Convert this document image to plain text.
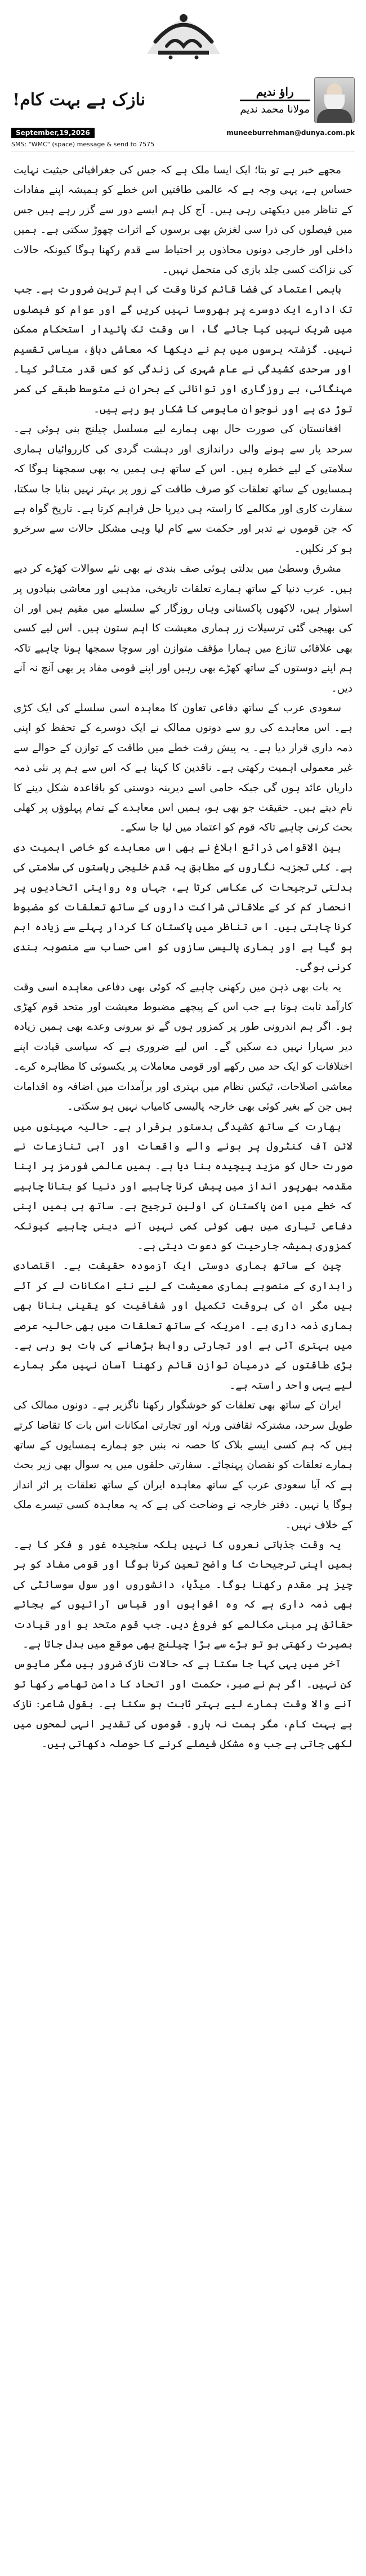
نازک ہے بہت کام!	راؤ ندیم
مولانا محمد ندیم
September,19,2026	muneeburrehman@dunya.com.pk
SMS: "WMC" (space) message & send to 7575

مجھے خبر ہے تو بتا؛ ایک ایسا ملک ہے کہ جس کی جغرافیائی حیثیت نہایت حساس ہے، یہی وجہ ہے کہ عالمی طاقتیں اس خطے کو ہمیشہ اپنے مفادات کے تناظر میں دیکھتی رہی ہیں۔ آج کل ہم ایسے دور سے گزر رہے ہیں جس میں فیصلوں کی ذرا سی لغزش بھی برسوں کے اثرات چھوڑ سکتی ہے۔ ہمیں داخلی اور خارجی دونوں محاذوں پر احتیاط سے قدم رکھنا ہوگا کیونکہ حالات کی نزاکت کسی جلد بازی کی متحمل نہیں۔

باہمی اعتماد کی فضا قائم کرنا وقت کی اہم ترین ضرورت ہے۔ جب تک ادارے ایک دوسرے پر بھروسا نہیں کریں گے اور عوام کو فیصلوں میں شریک نہیں کیا جائے گا، اس وقت تک پائیدار استحکام ممکن نہیں۔ گزشتہ برسوں میں ہم نے دیکھا کہ معاشی دباؤ، سیاسی تقسیم اور سرحدی کشیدگی نے عام شہری کی زندگی کو کس قدر متاثر کیا۔ مہنگائی، بے روزگاری اور توانائی کے بحران نے متوسط طبقے کی کمر توڑ دی ہے اور نوجوان مایوسی کا شکار ہو رہے ہیں۔

افغانستان کی صورت حال بھی ہمارے لیے مسلسل چیلنج بنی ہوئی ہے۔ سرحد پار سے ہونے والی دراندازی اور دہشت گردی کی کارروائیاں ہماری سلامتی کے لیے خطرہ ہیں۔ اس کے ساتھ ہی ہمیں یہ بھی سمجھنا ہوگا کہ ہمسایوں کے ساتھ تعلقات کو صرف طاقت کے زور پر بہتر نہیں بنایا جا سکتا، سفارت کاری اور مکالمے کا راستہ ہی دیرپا حل فراہم کرتا ہے۔ تاریخ گواہ ہے کہ جن قوموں نے تدبر اور حکمت سے کام لیا وہی مشکل حالات سے سرخرو ہو کر نکلیں۔

مشرق وسطیٰ میں بدلتی ہوئی صف بندی نے بھی نئے سوالات کھڑے کر دیے ہیں۔ عرب دنیا کے ساتھ ہمارے تعلقات تاریخی، مذہبی اور معاشی بنیادوں پر استوار ہیں، لاکھوں پاکستانی وہاں روزگار کے سلسلے میں مقیم ہیں اور ان کی بھیجی گئی ترسیلات زر ہماری معیشت کا اہم ستون ہیں۔ اس لیے کسی بھی علاقائی تنازع میں ہمارا مؤقف متوازن اور سوچا سمجھا ہونا چاہیے تاکہ ہم اپنے دوستوں کے ساتھ کھڑے بھی رہیں اور اپنے قومی مفاد پر بھی آنچ نہ آنے دیں۔

سعودی عرب کے ساتھ دفاعی تعاون کا معاہدہ اسی سلسلے کی ایک کڑی ہے۔ اس معاہدے کی رو سے دونوں ممالک نے ایک دوسرے کے تحفظ کو اپنی ذمہ داری قرار دیا ہے۔ یہ پیش رفت خطے میں طاقت کے توازن کے حوالے سے غیر معمولی اہمیت رکھتی ہے۔ ناقدین کا کہنا ہے کہ اس سے ہم پر نئی ذمہ داریاں عائد ہوں گی جبکہ حامی اسے دیرینہ دوستی کو باقاعدہ شکل دینے کا نام دیتے ہیں۔ حقیقت جو بھی ہو، ہمیں اس معاہدے کے تمام پہلوؤں پر کھلی بحث کرنی چاہیے تاکہ قوم کو اعتماد میں لیا جا سکے۔

بین الاقوامی ذرائع ابلاغ نے بھی اس معاہدے کو خاصی اہمیت دی ہے۔ کئی تجزیہ نگاروں کے مطابق یہ قدم خلیجی ریاستوں کی سلامتی کی بدلتی ترجیحات کی عکاسی کرتا ہے، جہاں وہ روایتی اتحادیوں پر انحصار کم کر کے علاقائی شراکت داروں کے ساتھ تعلقات کو مضبوط کرنا چاہتی ہیں۔ اس تناظر میں پاکستان کا کردار پہلے سے زیادہ اہم ہو گیا ہے اور ہماری پالیسی سازوں کو اسی حساب سے منصوبہ بندی کرنی ہوگی۔

یہ بات بھی ذہن میں رکھنی چاہیے کہ کوئی بھی دفاعی معاہدہ اسی وقت کارآمد ثابت ہوتا ہے جب اس کے پیچھے مضبوط معیشت اور متحد قوم کھڑی ہو۔ اگر ہم اندرونی طور پر کمزور ہوں گے تو بیرونی وعدے بھی ہمیں زیادہ دیر سہارا نہیں دے سکیں گے۔ اس لیے ضروری ہے کہ سیاسی قیادت اپنے اختلافات کو ایک حد میں رکھے اور قومی معاملات پر یکسوئی کا مظاہرہ کرے۔ معاشی اصلاحات، ٹیکس نظام میں بہتری اور برآمدات میں اضافہ وہ اقدامات ہیں جن کے بغیر کوئی بھی خارجہ پالیسی کامیاب نہیں ہو سکتی۔

بھارت کے ساتھ کشیدگی بدستور برقرار ہے۔ حالیہ مہینوں میں لائن آف کنٹرول پر ہونے والے واقعات اور آبی تنازعات نے صورت حال کو مزید پیچیدہ بنا دیا ہے۔ ہمیں عالمی فورمز پر اپنا مقدمہ بھرپور انداز میں پیش کرنا چاہیے اور دنیا کو بتانا چاہیے کہ خطے میں امن پاکستان کی اولین ترجیح ہے۔ ساتھ ہی ہمیں اپنی دفاعی تیاری میں بھی کوئی کمی نہیں آنے دینی چاہیے کیونکہ کمزوری ہمیشہ جارحیت کو دعوت دیتی ہے۔

چین کے ساتھ ہماری دوستی ایک آزمودہ حقیقت ہے۔ اقتصادی راہداری کے منصوبے ہماری معیشت کے لیے نئے امکانات لے کر آئے ہیں مگر ان کی بروقت تکمیل اور شفافیت کو یقینی بنانا بھی ہماری ذمہ داری ہے۔ امریکہ کے ساتھ تعلقات میں بھی حالیہ عرصے میں بہتری آئی ہے اور تجارتی روابط بڑھانے کی بات ہو رہی ہے۔ بڑی طاقتوں کے درمیان توازن قائم رکھنا آسان نہیں مگر ہمارے لیے یہی واحد راستہ ہے۔

ایران کے ساتھ بھی تعلقات کو خوشگوار رکھنا ناگزیر ہے۔ دونوں ممالک کی طویل سرحد، مشترکہ ثقافتی ورثہ اور تجارتی امکانات اس بات کا تقاضا کرتے ہیں کہ ہم کسی ایسے بلاک کا حصہ نہ بنیں جو ہمارے ہمسایوں کے ساتھ ہمارے تعلقات کو نقصان پہنچائے۔ سفارتی حلقوں میں یہ سوال بھی زیر بحث ہے کہ آیا سعودی عرب کے ساتھ معاہدہ ایران کے ساتھ تعلقات پر اثر انداز ہوگا یا نہیں۔ دفتر خارجہ نے وضاحت کی ہے کہ یہ معاہدہ کسی تیسرے ملک کے خلاف نہیں۔

یہ وقت جذباتی نعروں کا نہیں بلکہ سنجیدہ غور و فکر کا ہے۔ ہمیں اپنی ترجیحات کا واضح تعین کرنا ہوگا اور قومی مفاد کو ہر چیز پر مقدم رکھنا ہوگا۔ میڈیا، دانشوروں اور سول سوسائٹی کی بھی ذمہ داری ہے کہ وہ افواہوں اور قیاس آرائیوں کے بجائے حقائق پر مبنی مکالمے کو فروغ دیں۔ جب قوم متحد ہو اور قیادت بصیرت رکھتی ہو تو بڑے سے بڑا چیلنج بھی موقع میں بدل جاتا ہے۔

آخر میں یہی کہا جا سکتا ہے کہ حالات نازک ضرور ہیں مگر مایوس کن نہیں۔ اگر ہم نے صبر، حکمت اور اتحاد کا دامن تھامے رکھا تو آنے والا وقت ہمارے لیے بہتر ثابت ہو سکتا ہے۔ بقول شاعر: نازک ہے بہت کام، مگر ہمت نہ ہارو۔ قوموں کی تقدیر انہی لمحوں میں لکھی جاتی ہے جب وہ مشکل فیصلے کرنے کا حوصلہ دکھاتی ہیں۔
